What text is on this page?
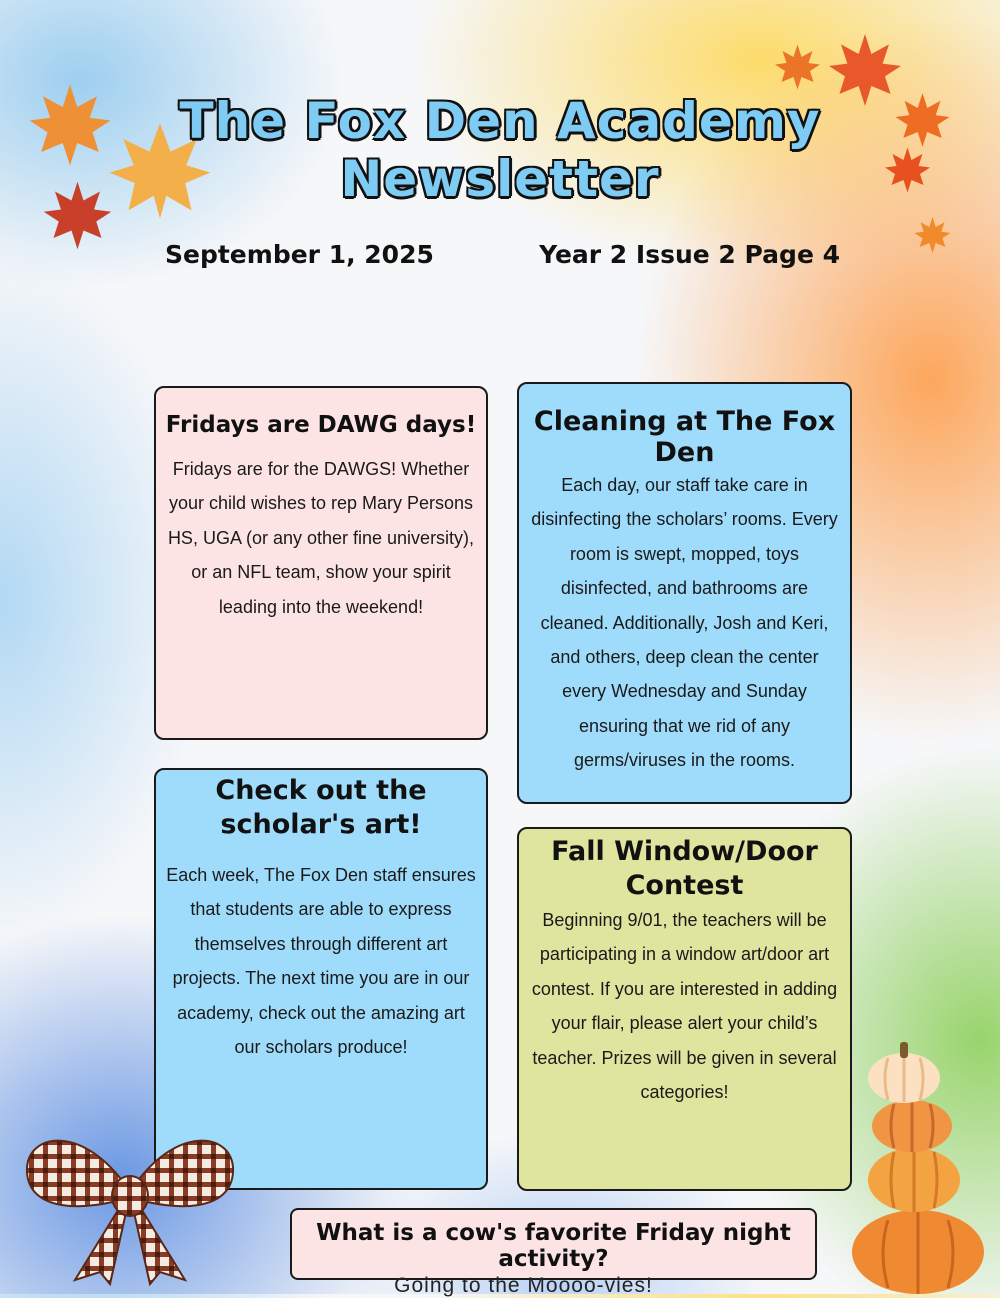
The Fox Den Academy Newsletter
September 1, 2025	Year 2 Issue 2 Page 4
Fridays are DAWG days!

Fridays are for the DAWGS! Whether your child wishes to rep Mary Persons HS, UGA (or any other fine university), or an NFL team, show your spirit leading into the weekend!

Cleaning at The Fox Den

Each day, our staff take care in disinfecting the scholars’ rooms. Every room is swept, mopped, toys disinfected, and bathrooms are cleaned. Additionally, Josh and Keri, and others, deep clean the center every Wednesday and Sunday ensuring that we rid of any germs/viruses in the rooms.

Check out the scholar's art!

Each week, The Fox Den staff ensures that students are able to express themselves through different art projects. The next time you are in our academy, check out the amazing art our scholars produce!

Fall Window/Door Contest

Beginning 9/01, the teachers will be participating in a window art/door art contest. If you are interested in adding your flair, please alert your child’s teacher. Prizes will be given in several categories!

What is a cow's favorite Friday night activity?
Going to the Moooo-vies!
